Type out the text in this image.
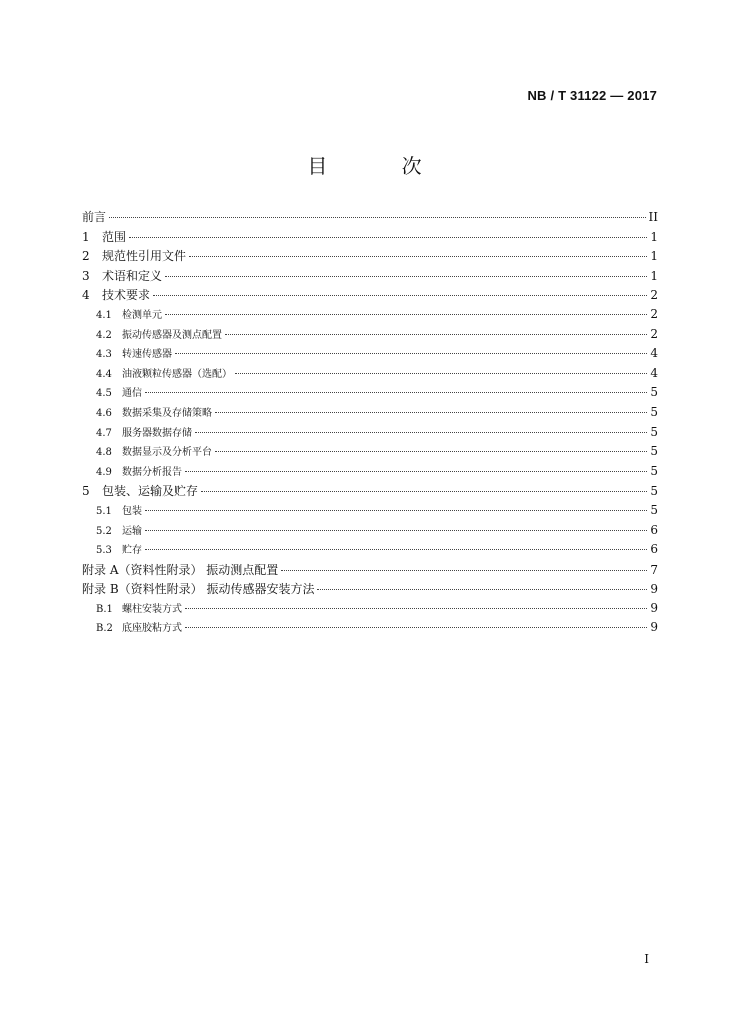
NB / T 31122 — 2017
目 次
前言	II
1	范围	1
2	规范性引用文件	1
3	术语和定义	1
4	技术要求	2
4.1	检测单元	2
4.2	振动传感器及测点配置	2
4.3	转速传感器	4
4.4	油液颗粒传感器（选配）	4
4.5	通信	5
4.6	数据采集及存储策略	5
4.7	服务器数据存储	5
4.8	数据显示及分析平台	5
4.9	数据分析报告	5
5	包装、运输及贮存	5
5.1	包装	5
5.2	运输	6
5.3	贮存	6
附录 A（资料性附录） 振动测点配置	7
附录 B（资料性附录） 振动传感器安装方法	9
B.1 螺柱安装方式	9
B.2 底座胶粘方式	9
I
